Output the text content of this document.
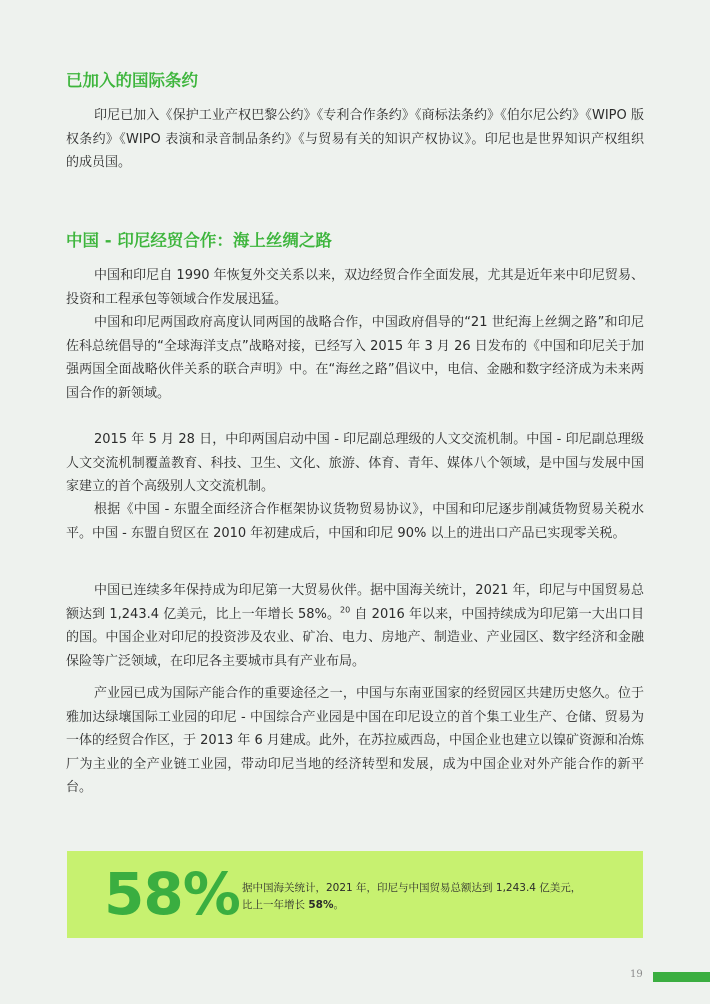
已加入的国际条约

印尼已加入《保护工业产权巴黎公约》《专利合作条约》《商标法条约》《伯尔尼公约》《WIPO 版权条约》《WIPO 表演和录音制品条约》《与贸易有关的知识产权协议》。印尼也是世界知识产权组织的成员国。

中国 - 印尼经贸合作：海上丝绸之路

中国和印尼自 1990 年恢复外交关系以来，双边经贸合作全面发展，尤其是近年来中印尼贸易、投资和工程承包等领域合作发展迅猛。

中国和印尼两国政府高度认同两国的战略合作，中国政府倡导的“21 世纪海上丝绸之路”和印尼佐科总统倡导的“全球海洋支点”战略对接，已经写入 2015 年 3 月 26 日发布的《中国和印尼关于加强两国全面战略伙伴关系的联合声明》中。在“海丝之路”倡议中，电信、金融和数字经济成为未来两国合作的新领域。

2015 年 5 月 28 日，中印两国启动中国 - 印尼副总理级的人文交流机制。中国 - 印尼副总理级人文交流机制覆盖教育、科技、卫生、文化、旅游、体育、青年、媒体八个领域，是中国与发展中国家建立的首个高级别人文交流机制。

根据《中国 - 东盟全面经济合作框架协议货物贸易协议》，中国和印尼逐步削减货物贸易关税水平。中国 - 东盟自贸区在 2010 年初建成后，中国和印尼 90% 以上的进出口产品已实现零关税。

中国已连续多年保持成为印尼第一大贸易伙伴。据中国海关统计，2021 年，印尼与中国贸易总额达到 1,243.4 亿美元，比上一年增长 58%。$^{20}$ 自 2016 年以来，中国持续成为印尼第一大出口目的国。中国企业对印尼的投资涉及农业、矿冶、电力、房地产、制造业、产业园区、数字经济和金融保险等广泛领域，在印尼各主要城市具有产业布局。

产业园已成为国际产能合作的重要途径之一，中国与东南亚国家的经贸园区共建历史悠久。位于雅加达绿壤国际工业园的印尼 - 中国综合产业园是中国在印尼设立的首个集工业生产、仓储、贸易为一体的经贸合作区，于 2013 年 6 月建成。此外，在苏拉威西岛，中国企业也建立以镍矿资源和冶炼厂为主业的全产业链工业园，带动印尼当地的经济转型和发展，成为中国企业对外产能合作的新平台。

58% 据中国海关统计，2021 年，印尼与中国贸易总额达到 1,243.4 亿美元，
比上一年增长 58%。
19
